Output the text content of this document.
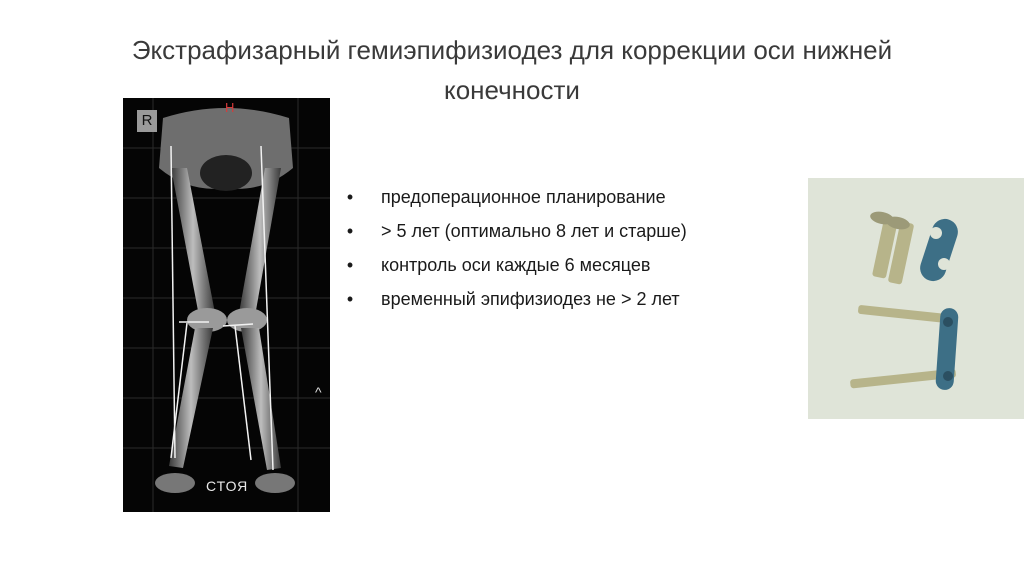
Экстрафизарный гемиэпифизиодез для коррекции оси нижней конечности
R
H
^
СТОЯ
• предоперационное планирование
• > 5 лет (оптимально 8 лет и старше)
• контроль оси каждые 6 месяцев
• временный эпифизиодез не > 2 лет
